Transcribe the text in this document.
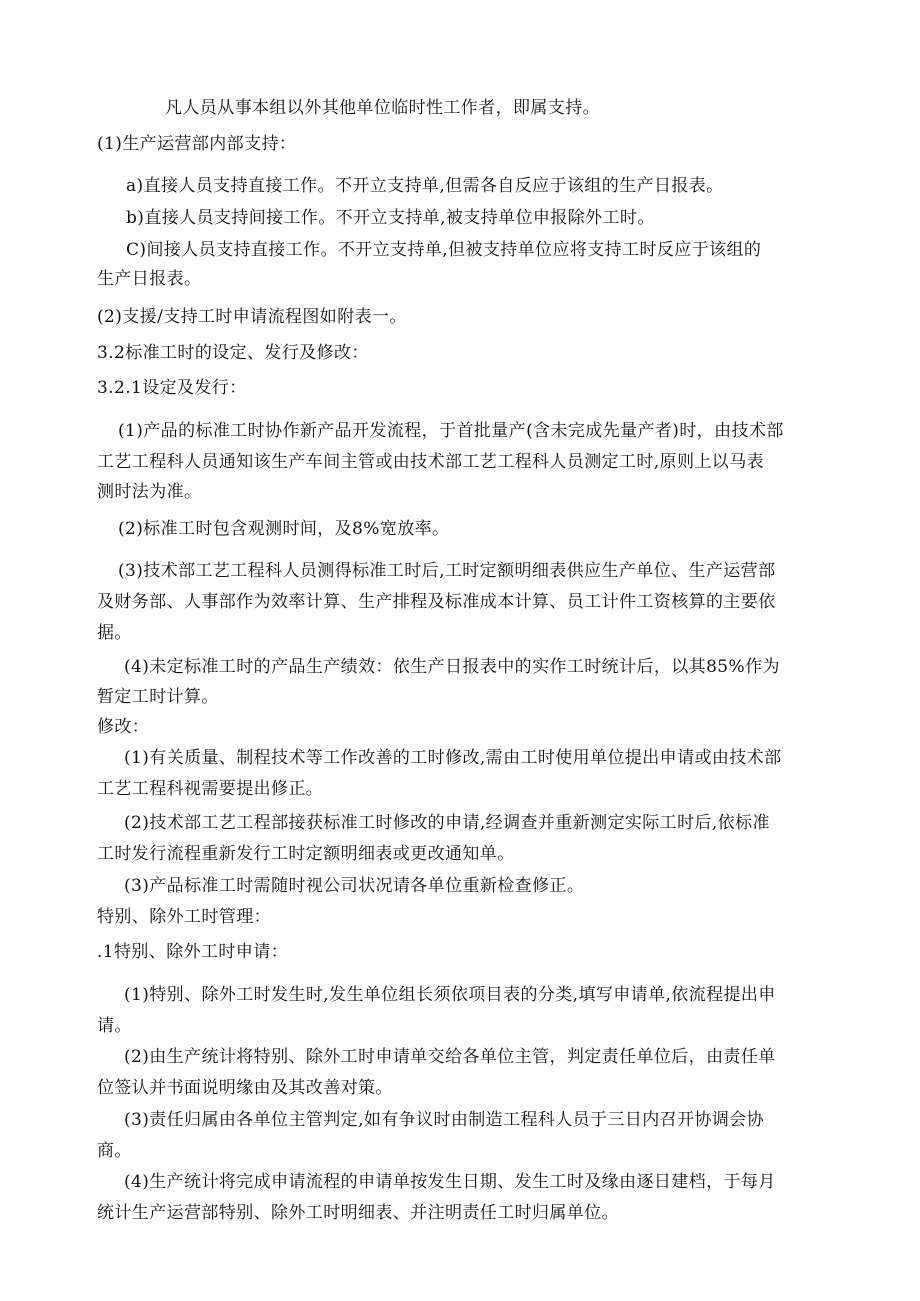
凡人员从事本组以外其他单位临时性工作者，即属支持。
(1)生产运营部内部支持：
a)直接人员支持直接工作。不开立支持单,但需各自反应于该组的生产日报表。
b)直接人员支持间接工作。不开立支持单,被支持单位申报除外工时。
C)间接人员支持直接工作。不开立支持单,但被支持单位应将支持工时反应于该组的
生产日报表。
(2)支援/支持工时申请流程图如附表一。
3.2标准工时的设定、发行及修改：
3.2.1设定及发行：
(1)产品的标准工时协作新产品开发流程，于首批量产(含未完成先量产者)时，由技术部
工艺工程科人员通知该生产车间主管或由技术部工艺工程科人员测定工时,原则上以马表
测时法为准。
(2)标准工时包含观测时间，及8%宽放率。
(3)技术部工艺工程科人员测得标准工时后,工时定额明细表供应生产单位、生产运营部
及财务部、人事部作为效率计算、生产排程及标准成本计算、员工计件工资核算的主要依
据。
(4)未定标准工时的产品生产绩效：依生产日报表中的实作工时统计后，以其85%作为
暂定工时计算。
修改：
(1)有关质量、制程技术等工作改善的工时修改,需由工时使用单位提出申请或由技术部
工艺工程科视需要提出修正。
(2)技术部工艺工程部接获标准工时修改的申请,经调查并重新测定实际工时后,依标准
工时发行流程重新发行工时定额明细表或更改通知单。
(3)产品标准工时需随时视公司状况请各单位重新检查修正。
特别、除外工时管理：
.1特别、除外工时申请：
(1)特别、除外工时发生时,发生单位组长须依项目表的分类,填写申请单,依流程提出申
请。
(2)由生产统计将特别、除外工时申请单交给各单位主管，判定责任单位后，由责任单
位签认并书面说明缘由及其改善对策。
(3)责任归属由各单位主管判定,如有争议时由制造工程科人员于三日内召开协调会协
商。
(4)生产统计将完成申请流程的申请单按发生日期、发生工时及缘由逐日建档，于每月
统计生产运营部特别、除外工时明细表、并注明责任工时归属单位。
